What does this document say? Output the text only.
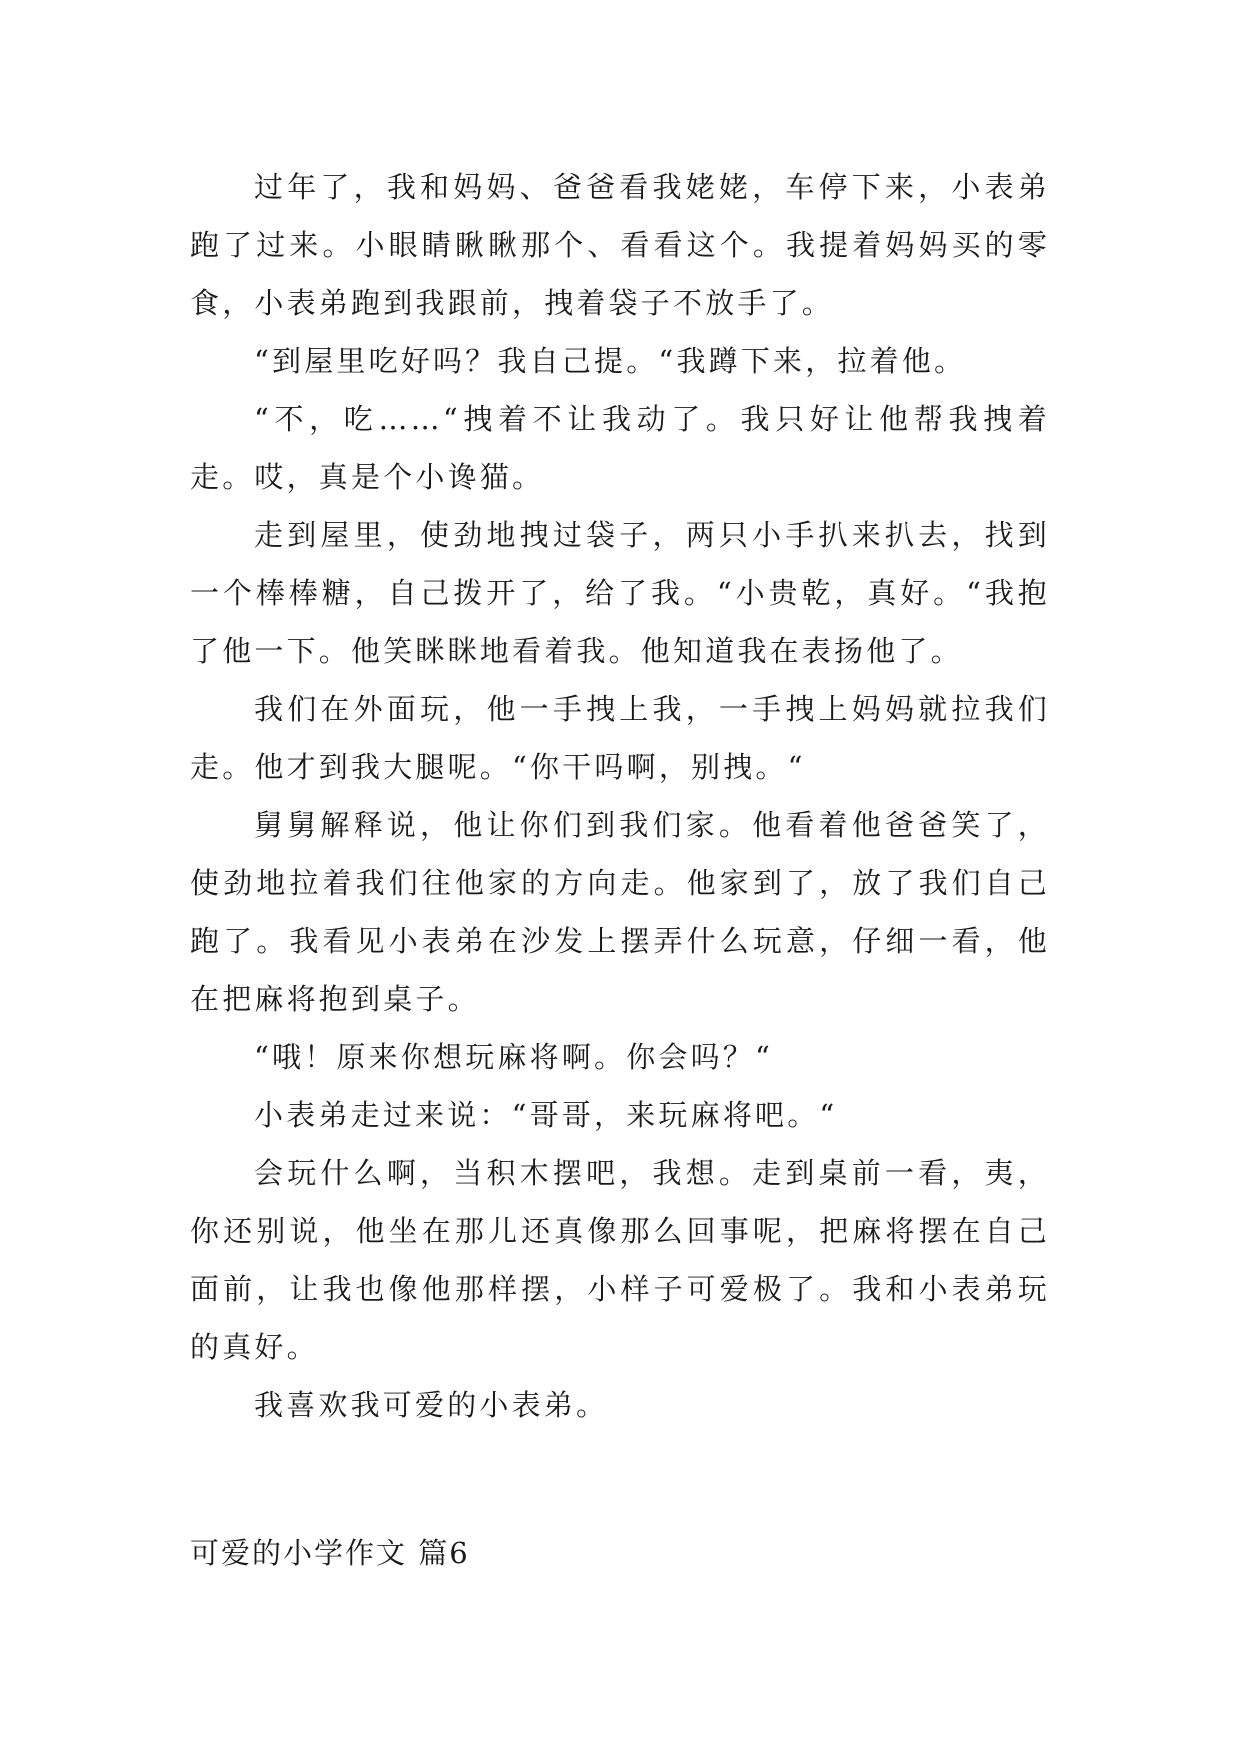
过年了，我和妈妈、爸爸看我姥姥，车停下来，小表弟跑了过来。小眼睛瞅瞅那个、看看这个。我提着妈妈买的零食，小表弟跑到我跟前，拽着袋子不放手了。

“到屋里吃好吗？我自己提。“我蹲下来，拉着他。

“不，吃……“拽着不让我动了。我只好让他帮我拽着走。哎，真是个小谗猫。

走到屋里，使劲地拽过袋子，两只小手扒来扒去，找到一个棒棒糖，自己拨开了，给了我。“小贵乾，真好。“我抱了他一下。他笑眯眯地看着我。他知道我在表扬他了。

我们在外面玩，他一手拽上我，一手拽上妈妈就拉我们走。他才到我大腿呢。“你干吗啊，别拽。“

舅舅解释说，他让你们到我们家。他看着他爸爸笑了，使劲地拉着我们往他家的方向走。他家到了，放了我们自己跑了。我看见小表弟在沙发上摆弄什么玩意，仔细一看，他在把麻将抱到桌子。

“哦！原来你想玩麻将啊。你会吗？“

小表弟走过来说：“哥哥，来玩麻将吧。“

会玩什么啊，当积木摆吧，我想。走到桌前一看，夷，你还别说，他坐在那儿还真像那么回事呢，把麻将摆在自己面前，让我也像他那样摆，小样子可爱极了。我和小表弟玩的真好。

我喜欢我可爱的小表弟。

可爱的小学作文 篇6
